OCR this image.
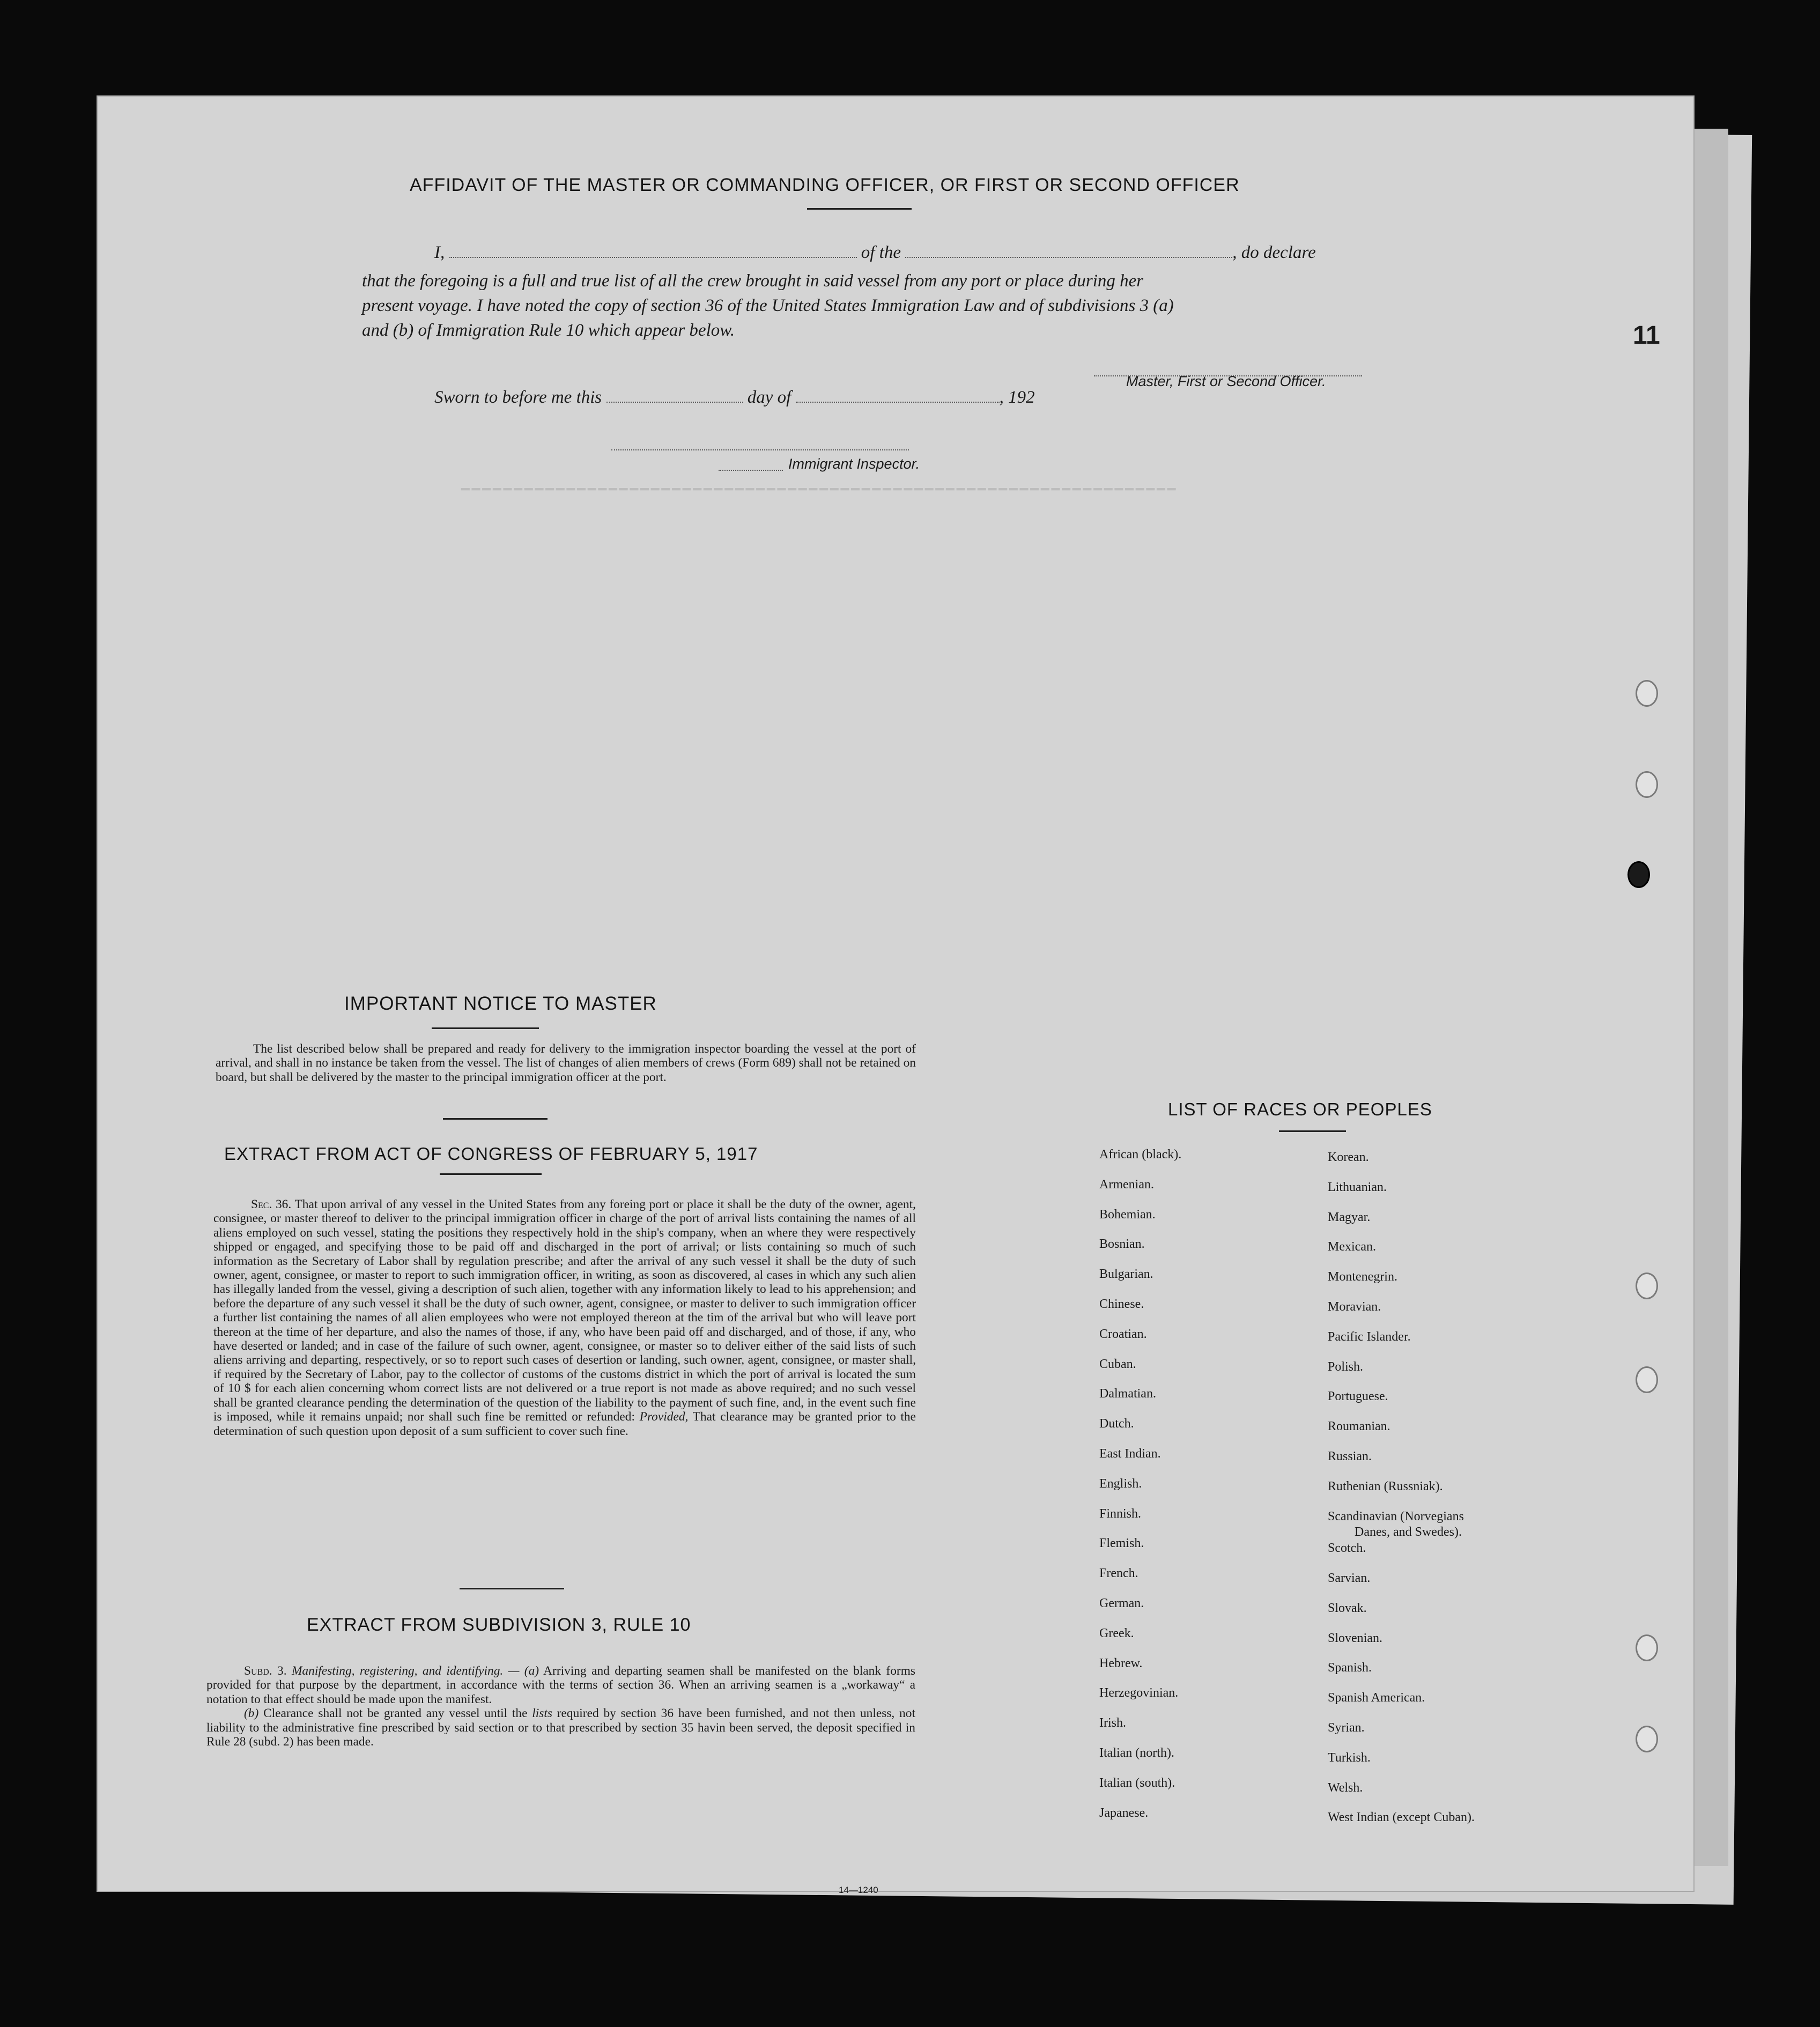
━━━━━━━━━━━━━━━━━━━━━━━━━━━━━━━━━━━━━━━━━━━━━━━━━━━━━━━━━━━━━━━━━━━━
11
AFFIDAVIT OF THE MASTER OR COMMANDING OFFICER, OR FIRST OR SECOND OFFICER
I,	of the	, do declare
that the foregoing is a full and true list of all the crew brought in said vessel from any port or place during her
present voyage. I have noted the copy of section 36 of the United States Immigration Law and of subdivisions 3 (a)
and (b) of Immigration Rule 10 which appear below.
Master, First or Second Officer.
Sworn to before me this	day of	, 192
Immigrant Inspector.
IMPORTANT NOTICE TO MASTER

The list described below shall be prepared and ready for delivery to the immigration inspector boarding the vessel at the port of arrival, and shall in no instance be taken from the vessel. The list of changes of alien members of crews (Form 689) shall not be retained on board, but shall be delivered by the master to the principal immigration officer at the port.

EXTRACT FROM ACT OF CONGRESS OF FEBRUARY 5, 1917

Sec. 36. That upon arrival of any vessel in the United States from any foreing port or place it shall be the duty of the owner, agent, consignee, or master thereof to deliver to the principal immigration officer in charge of the port of arrival lists containing the names of all aliens employed on such vessel, stating the positions they respectively hold in the ship's company, when an where they were respectively shipped or engaged, and specifying those to be paid off and discharged in the port of arrival; or lists containing so much of such information as the Secretary of Labor shall by regulation prescribe; and after the arrival of any such vessel it shall be the duty of such owner, agent, consignee, or master to report to such immigration officer, in writing, as soon as discovered, al cases in which any such alien has illegally landed from the vessel, giving a description of such alien, together with any information likely to lead to his apprehension; and before the departure of any such vessel it shall be the duty of such owner, agent, consignee, or master to deliver to such immigration officer a further list containing the names of all alien employees who were not employed thereon at the tim of the arrival but who will leave port thereon at the time of her departure, and also the names of those, if any, who have been paid off and discharged, and of those, if any, who have deserted or landed; and in case of the failure of such owner, agent, consignee, or master so to deliver either of the said lists of such aliens arriving and departing, respectively, or so to report such cases of desertion or landing, such owner, agent, consignee, or master shall, if required by the Secretary of Labor, pay to the collector of customs of the customs district in which the port of arrival is located the sum of 10 $ for each alien concerning whom correct lists are not delivered or a true report is not made as above required; and no such vessel shall be granted clearance pending the determination of the question of the liability to the payment of such fine, and, in the event such fine is imposed, while it remains unpaid; nor shall such fine be remitted or refunded: Provided, That clearance may be granted prior to the determination of such question upon deposit of a sum sufficient to cover such fine.

EXTRACT FROM SUBDIVISION 3, RULE 10

Subd. 3. Manifesting, registering, and identifying. — (a) Arriving and departing seamen shall be manifested on the blank forms provided for that purpose by the department, in accordance with the terms of section 36. When an arriving seamen is a „workaway“ a notation to that effect should be made upon the manifest.

(b) Clearance shall not be granted any vessel until the lists required by section 36 have been furnished, and not then unless, not liability to the administrative fine prescribed by said section or to that prescribed by section 35 havin been served, the deposit specified in Rule 28 (subd. 2) has been made.

14—1240
LIST OF RACES OR PEOPLES
African (black).
Armenian.
Bohemian.
Bosnian.
Bulgarian.
Chinese.
Croatian.
Cuban.
Dalmatian.
Dutch.
East Indian.
English.
Finnish.
Flemish.
French.
German.
Greek.
Hebrew.
Herzegovinian.
Irish.
Italian (north).
Italian (south).
Japanese.
Korean.
Lithuanian.
Magyar.
Mexican.
Montenegrin.
Moravian.
Pacific Islander.
Polish.
Portuguese.
Roumanian.
Russian.
Ruthenian (Russniak).
Scandinavian (Norvegians
Danes, and Swedes).
Scotch.
Sarvian.
Slovak.
Slovenian.
Spanish.
Spanish American.
Syrian.
Turkish.
Welsh.
West Indian (except Cuban).
